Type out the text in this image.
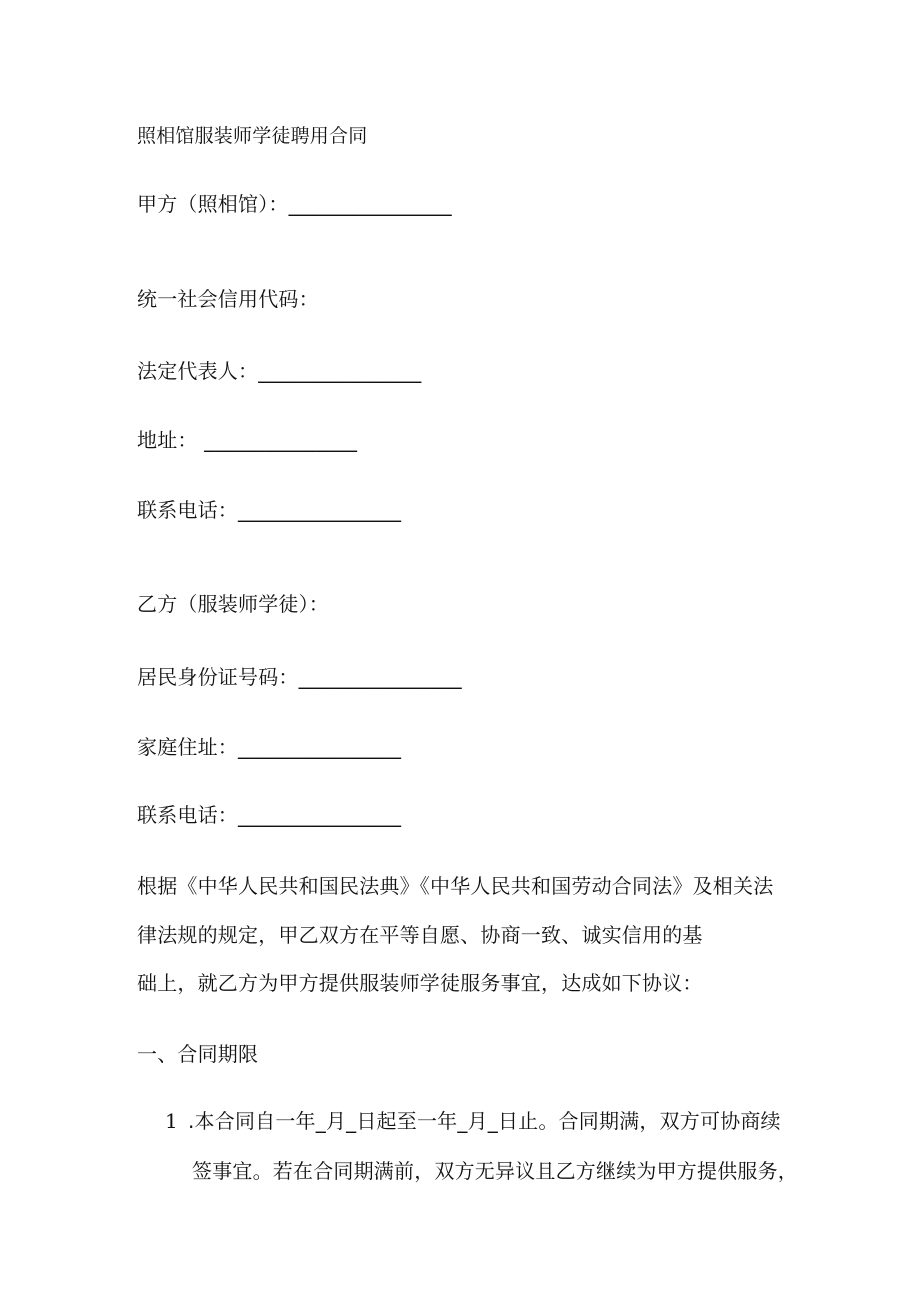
照相馆服装师学徒聘用合同
甲方（照相馆）：________________
统一社会信用代码：
法定代表人：________________
地址： _______________
联系电话：________________
乙方（服装师学徒）：
居民身份证号码：________________
家庭住址：________________
联系电话：________________
根据《中华人民共和国民法典》《中华人民共和国劳动合同法》及相关法
律法规的规定，甲乙双方在平等自愿、协商一致、诚实信用的基
础上，就乙方为甲方提供服装师学徒服务事宜，达成如下协议：
一、合同期限
1 .本合同自一年_月_日起至一年_月_日止。合同期满，双方可协商续
签事宜。若在合同期满前，双方无异议且乙方继续为甲方提供服务，
